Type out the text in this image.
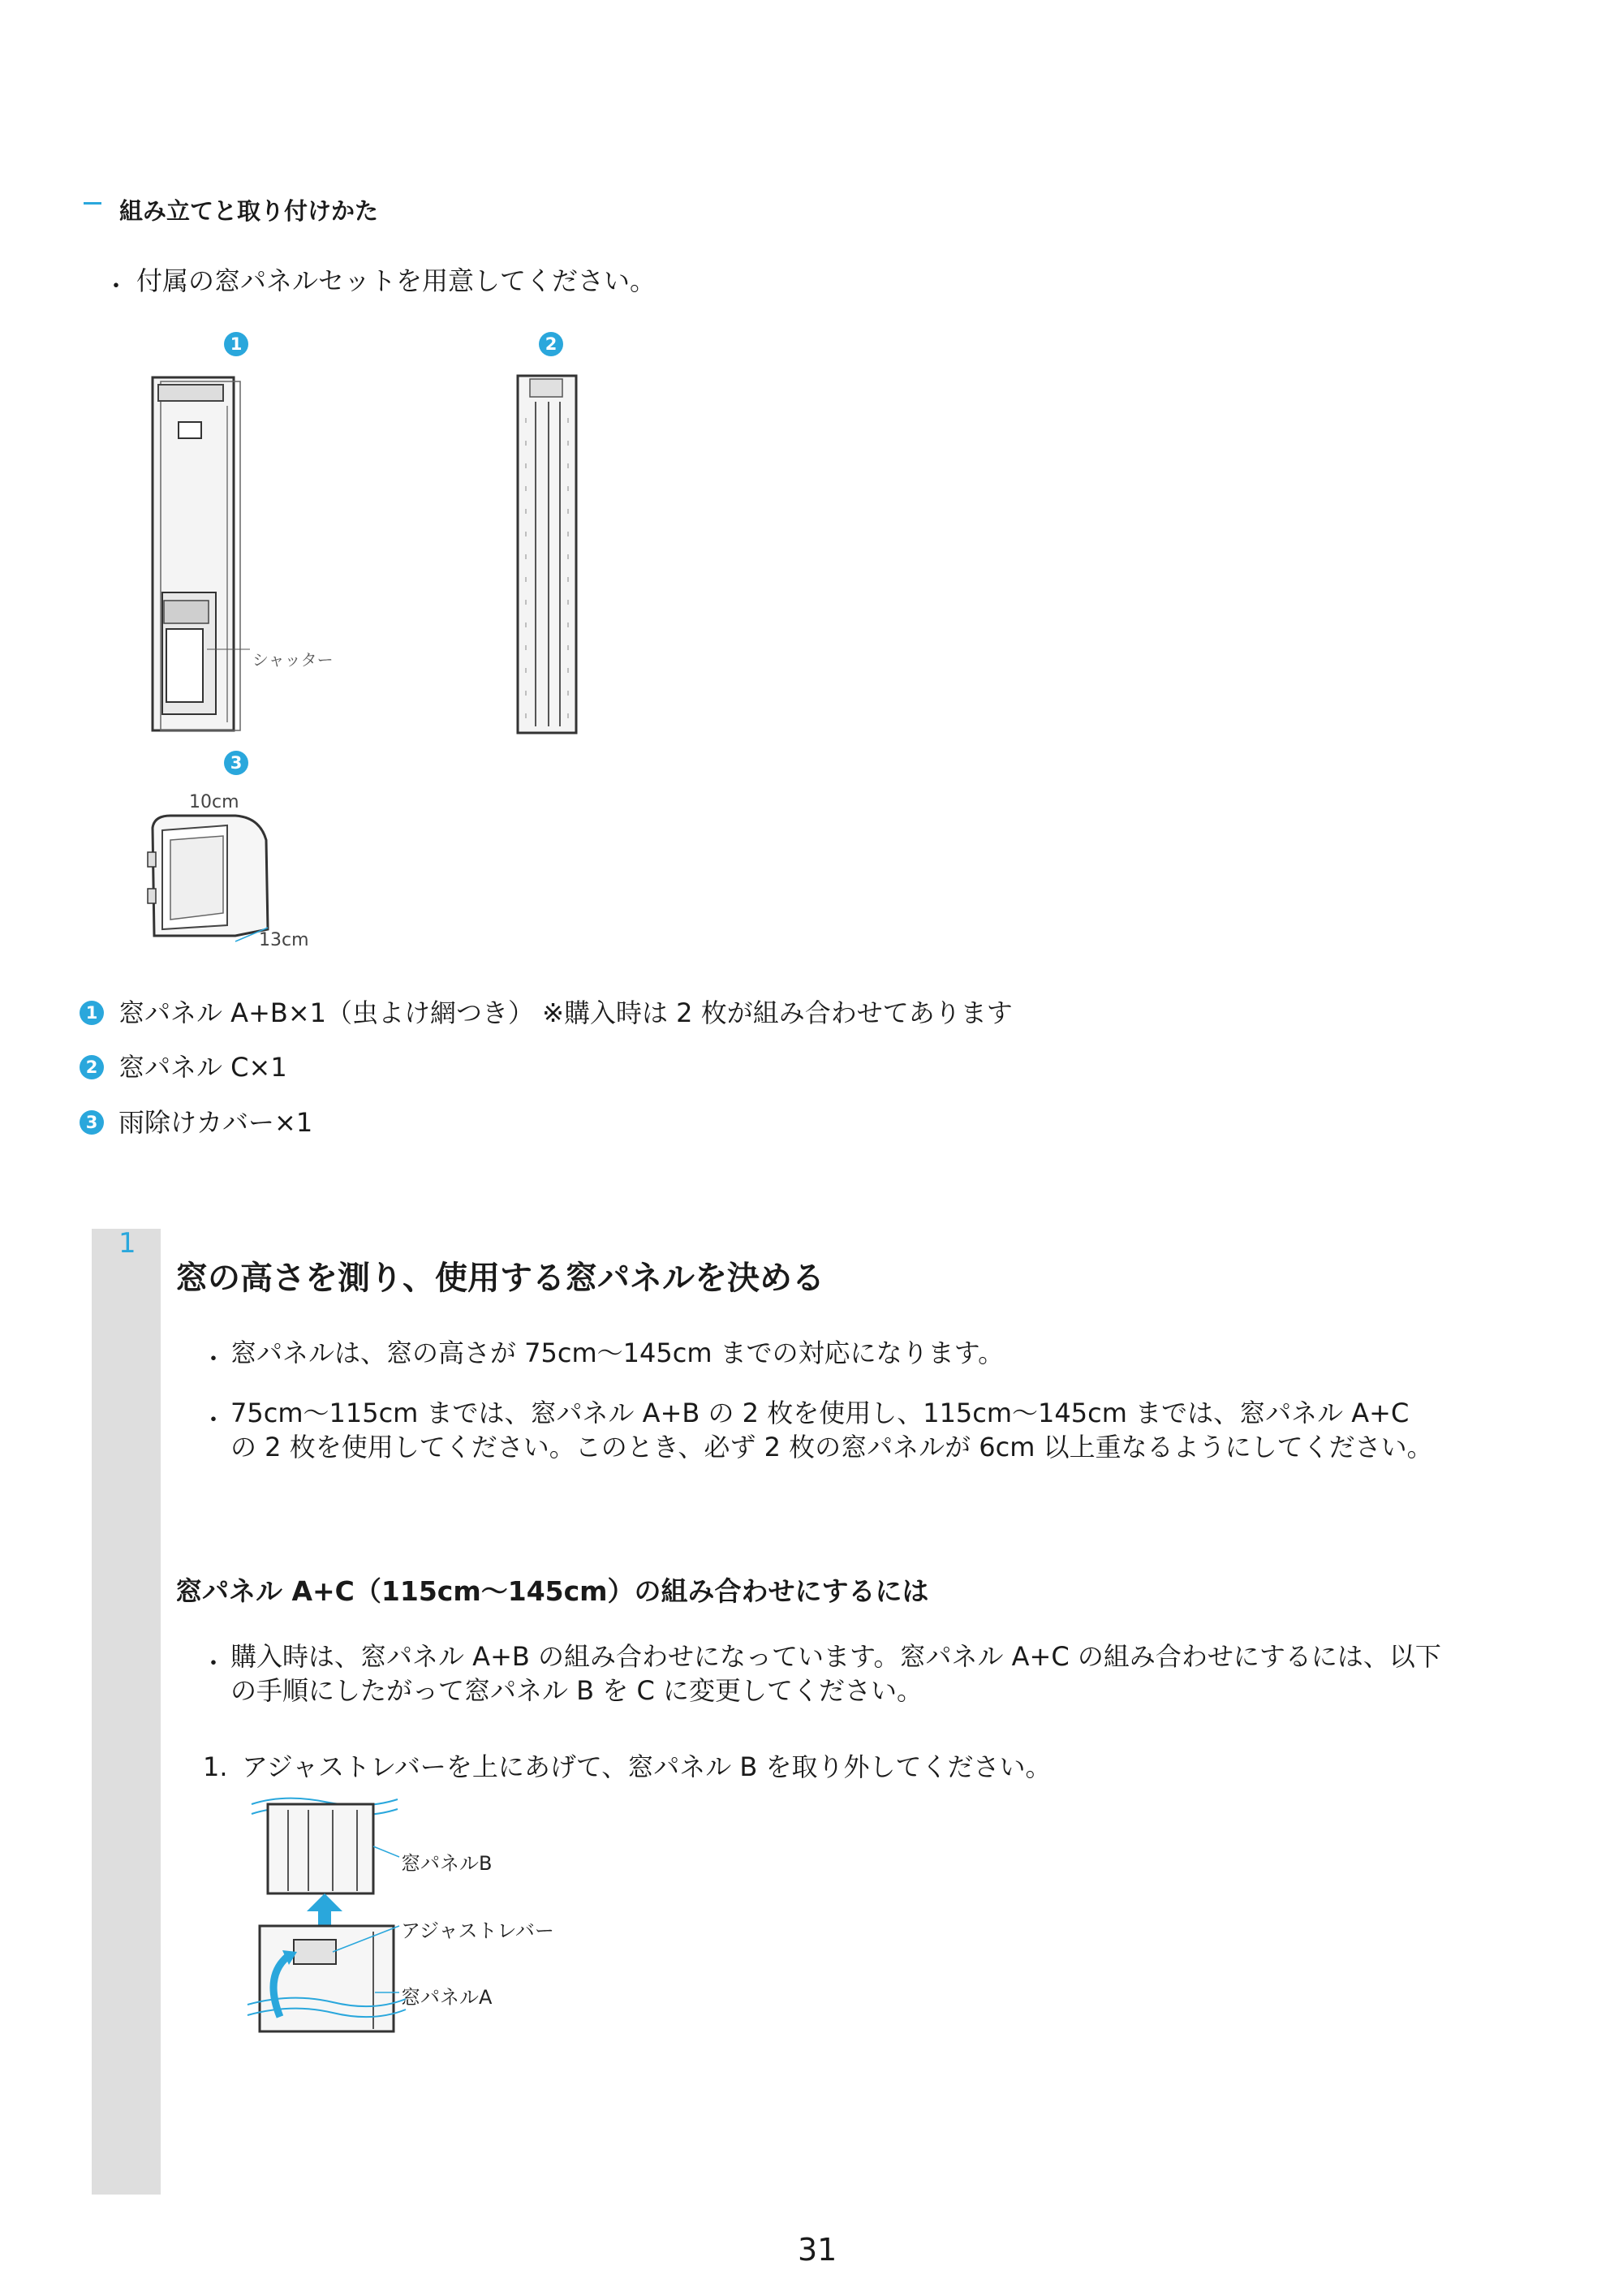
組み立てと取り付けかた
・ 付属の窓パネルセットを用意してください。
1	2
3
シャッター
10cm
13cm
1 窓パネル A+B×1（虫よけ網つき） ※購入時は 2 枚が組み合わせてあります
2 窓パネル C×1
3 雨除けカバー×1
1
窓の高さを測り、使用する窓パネルを決める
・ 窓パネルは、窓の高さが 75cm〜145cm までの対応になります。
・ 75cm〜115cm までは、窓パネル A+B の 2 枚を使用し、115cm〜145cm までは、窓パネル A+C
の 2 枚を使用してください。このとき、必ず 2 枚の窓パネルが 6cm 以上重なるようにしてください。
窓パネル A+C（115cm〜145cm）の組み合わせにするには
・ 購入時は、窓パネル A+B の組み合わせになっています。窓パネル A+C の組み合わせにするには、以下
の手順にしたがって窓パネル B を C に変更してください。
1. アジャストレバーを上にあげて、窓パネル B を取り外してください。
窓パネルB
アジャストレバー
窓パネルA
31
